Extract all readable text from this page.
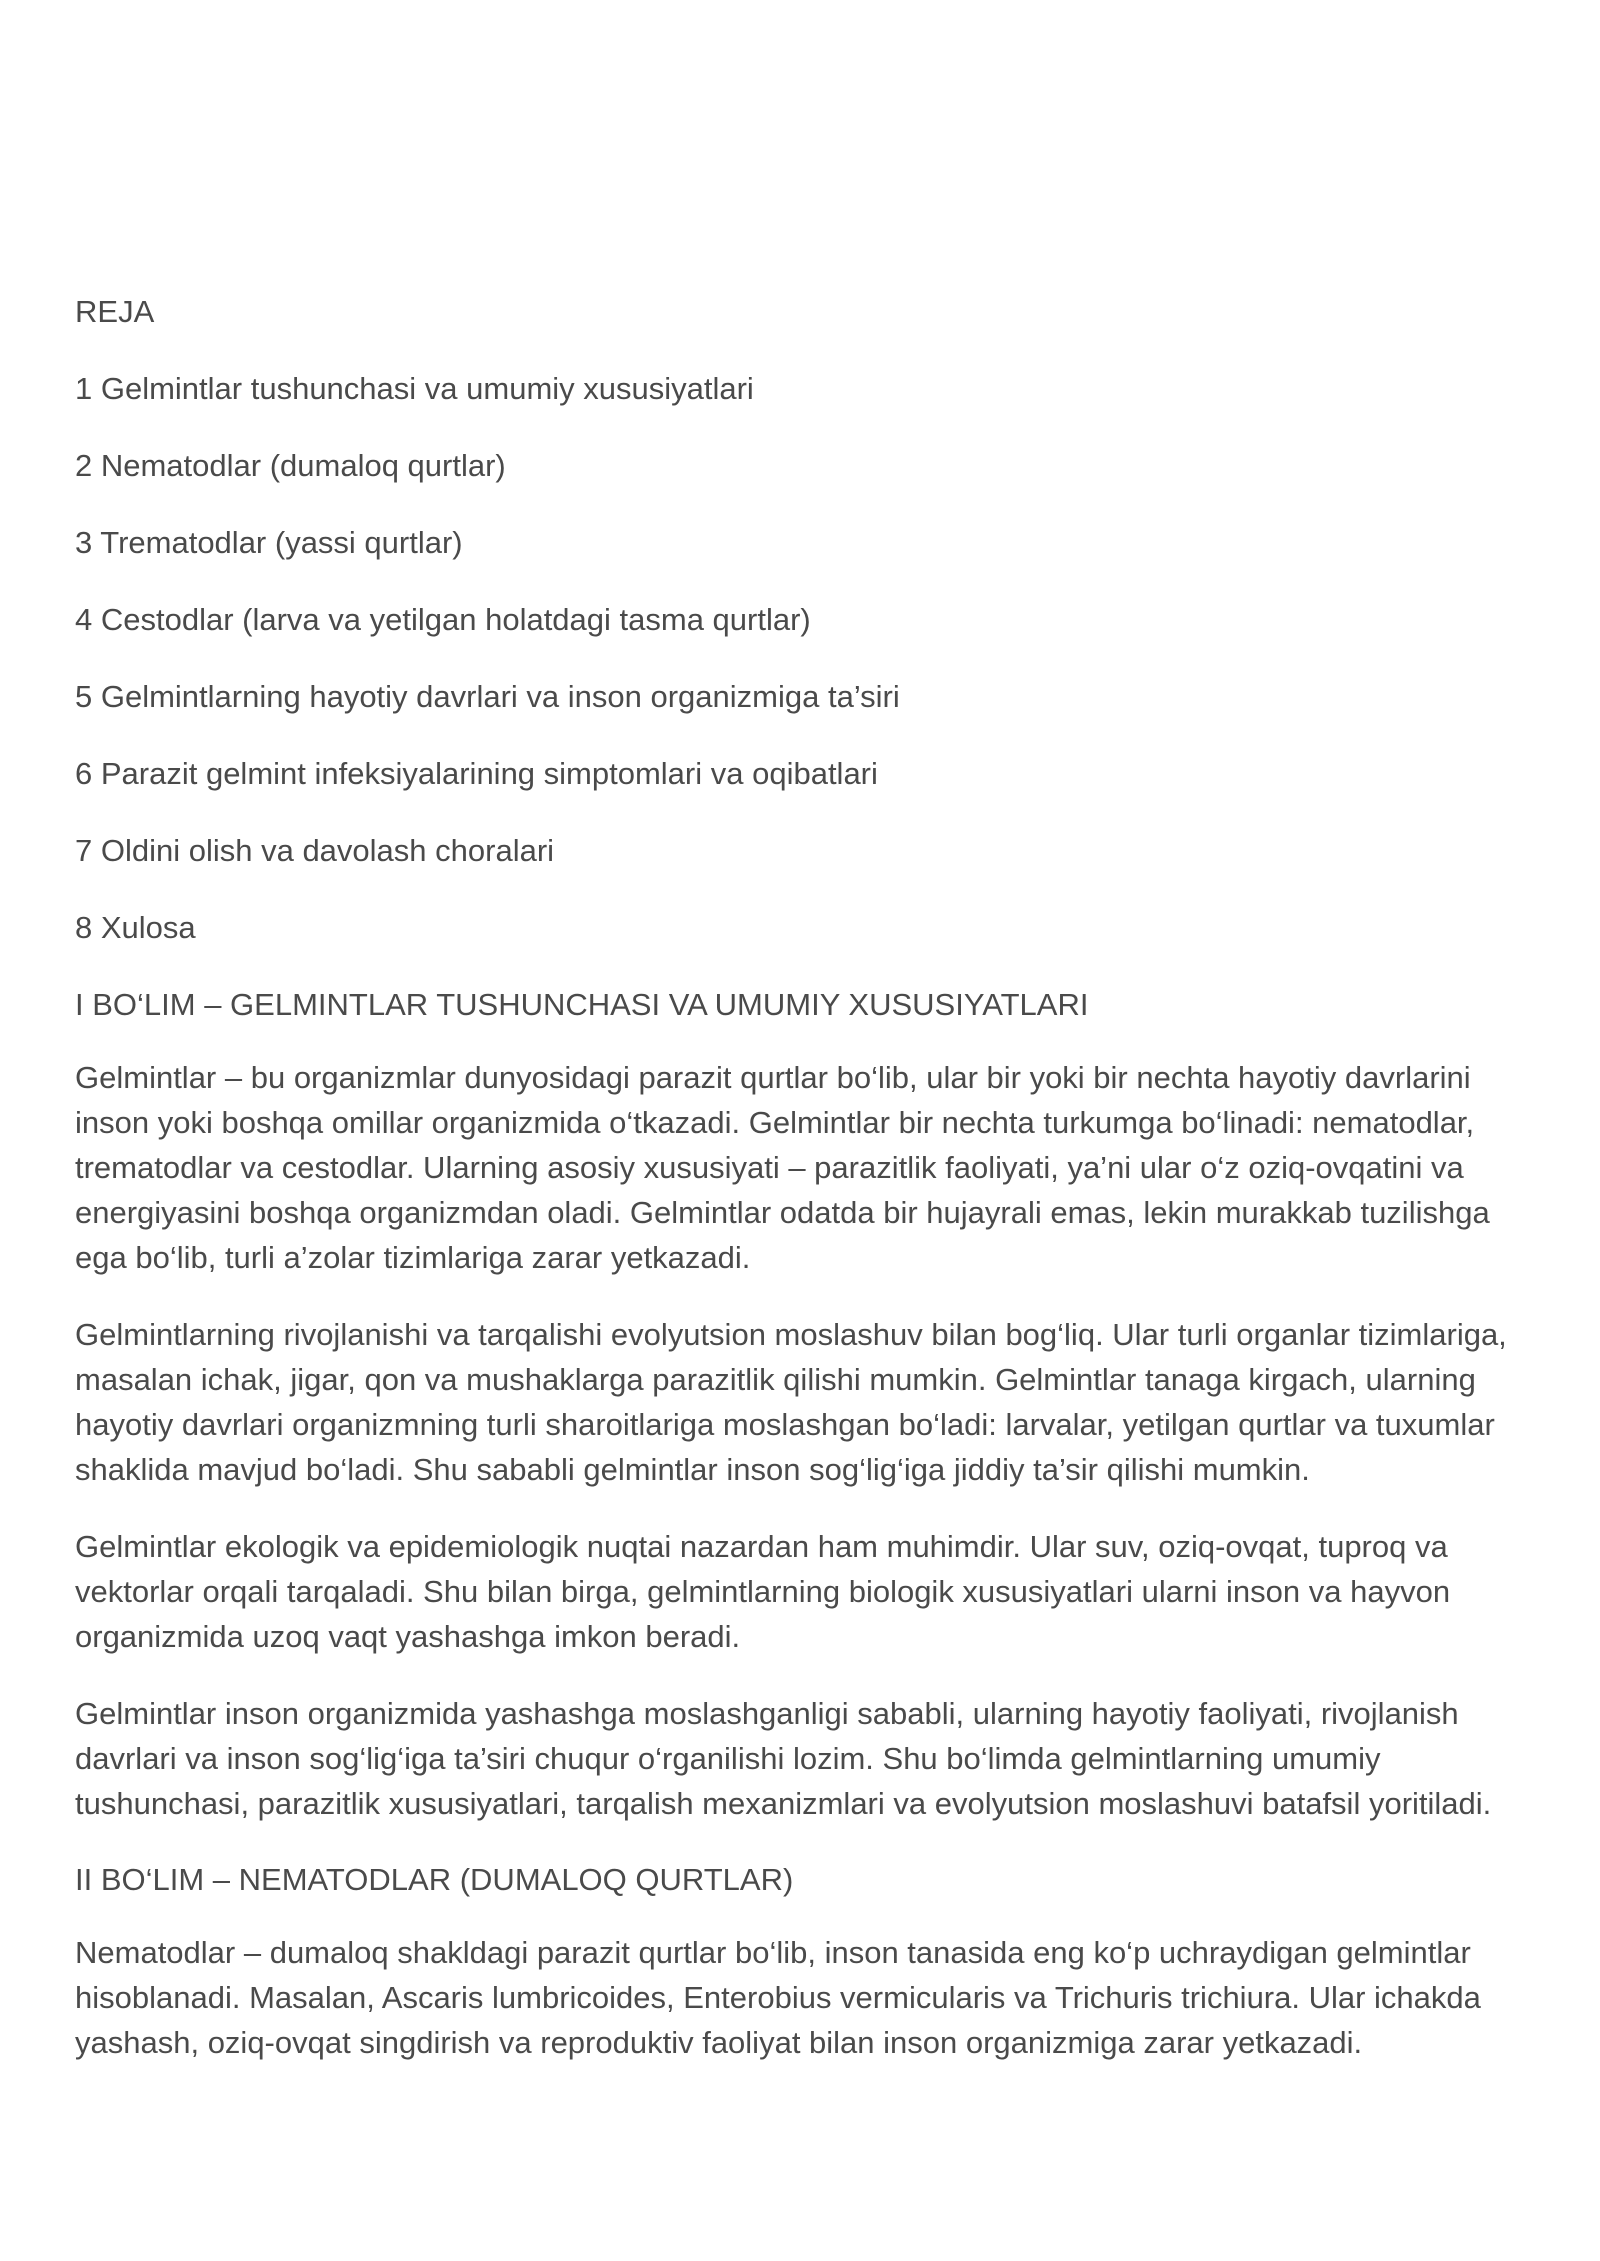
REJA
1 Gelmintlar tushunchasi va umumiy xususiyatlari
2 Nematodlar (dumaloq qurtlar)
3 Trematodlar (yassi qurtlar)
4 Cestodlar (larva va yetilgan holatdagi tasma qurtlar)
5 Gelmintlarning hayotiy davrlari va inson organizmiga ta’siri
6 Parazit gelmint infeksiyalarining simptomlari va oqibatlari
7 Oldini olish va davolash choralari
8 Xulosa
I BO‘LIM – GELMINTLAR TUSHUNCHASI VA UMUMIY XUSUSIYATLARI

Gelmintlar – bu organizmlar dunyosidagi parazit qurtlar bo‘lib, ular bir yoki bir nechta hayotiy davrlarini inson yoki boshqa omillar organizmida o‘tkazadi. Gelmintlar bir nechta turkumga bo‘linadi: nematodlar, trematodlar va cestodlar. Ularning asosiy xususiyati – parazitlik faoliyati, ya’ni ular o‘z oziq-ovqatini va energiyasini boshqa organizmdan oladi. Gelmintlar odatda bir hujayrali emas, lekin murakkab tuzilishga ega bo‘lib, turli a’zolar tizimlariga zarar yetkazadi.

Gelmintlarning rivojlanishi va tarqalishi evolyutsion moslashuv bilan bog‘liq. Ular turli organlar tizimlariga, masalan ichak, jigar, qon va mushaklarga parazitlik qilishi mumkin. Gelmintlar tanaga kirgach, ularning hayotiy davrlari organizmning turli sharoitlariga moslashgan bo‘ladi: larvalar, yetilgan qurtlar va tuxumlar shaklida mavjud bo‘ladi. Shu sababli gelmintlar inson sog‘lig‘iga jiddiy ta’sir qilishi mumkin.

Gelmintlar ekologik va epidemiologik nuqtai nazardan ham muhimdir. Ular suv, oziq-ovqat, tuproq va vektorlar orqali tarqaladi. Shu bilan birga, gelmintlarning biologik xususiyatlari ularni inson va hayvon organizmida uzoq vaqt yashashga imkon beradi.

Gelmintlar inson organizmida yashashga moslashganligi sababli, ularning hayotiy faoliyati, rivojlanish davrlari va inson sog‘lig‘iga ta’siri chuqur o‘rganilishi lozim. Shu bo‘limda gelmintlarning umumiy tushunchasi, parazitlik xususiyatlari, tarqalish mexanizmlari va evolyutsion moslashuvi batafsil yoritiladi.

II BO‘LIM – NEMATODLAR (DUMALOQ QURTLAR)

Nematodlar – dumaloq shakldagi parazit qurtlar bo‘lib, inson tanasida eng ko‘p uchraydigan gelmintlar hisoblanadi. Masalan, Ascaris lumbricoides, Enterobius vermicularis va Trichuris trichiura. Ular ichakda yashash, oziq-ovqat singdirish va reproduktiv faoliyat bilan inson organizmiga zarar yetkazadi.
